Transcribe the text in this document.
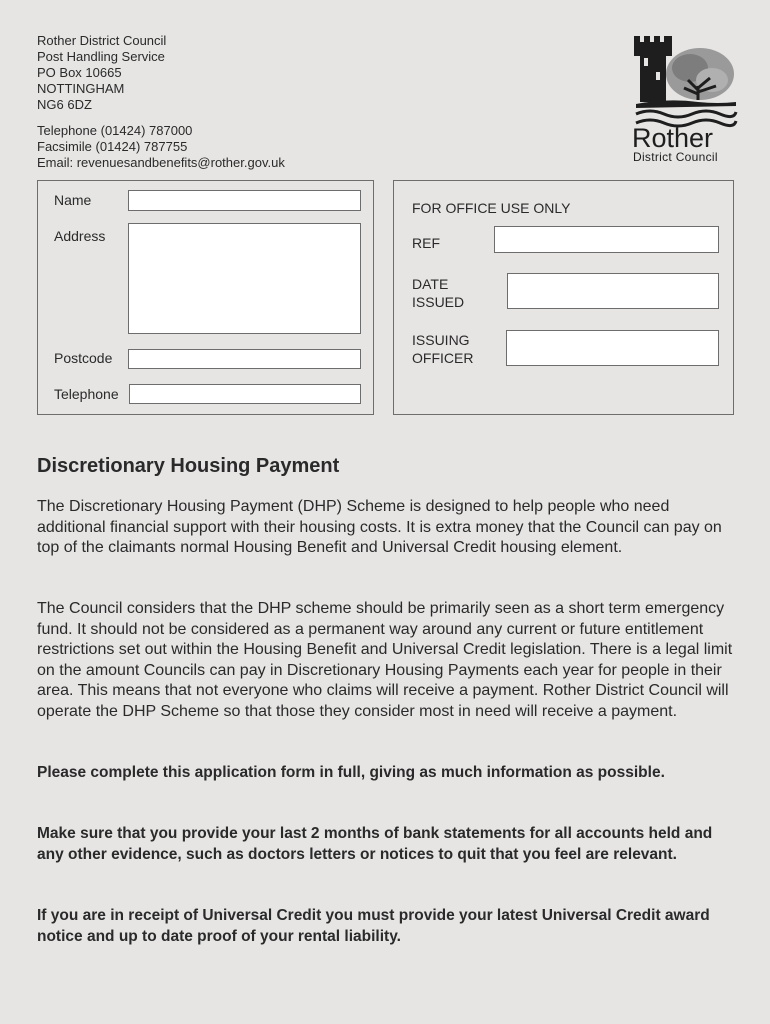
Rother District Council
Post Handling Service
PO Box 10665
NOTTINGHAM
NG6 6DZ
Telephone (01424) 787000
Facsimile (01424) 787755
Email: revenuesandbenefits@rother.gov.uk
Rother
District Council
Name
Address
Postcode
Telephone
FOR OFFICE USE ONLY
REF
DATE
ISSUED
ISSUING
OFFICER
Discretionary Housing Payment
The Discretionary Housing Payment (DHP) Scheme is designed to help people who need additional financial support with their housing costs. It is extra money that the Council can pay on top of the claimants normal Housing Benefit and Universal Credit housing element.
The Council considers that the DHP scheme should be primarily seen as a short term emergency fund. It should not be considered as a permanent way around any current or future entitlement restrictions set out within the Housing Benefit and Universal Credit legislation. There is a legal limit on the amount Councils can pay in Discretionary Housing Payments each year for people in their area. This means that not everyone who claims will receive a payment. Rother District Council will operate the DHP Scheme so that those they consider most in need will receive a payment.
Please complete this application form in full, giving as much information as possible.
Make sure that you provide your last 2 months of bank statements for all accounts held and any other evidence, such as doctors letters or notices to quit that you feel are relevant.
If you are in receipt of Universal Credit you must provide your latest Universal Credit award notice and up to date proof of your rental liability.
